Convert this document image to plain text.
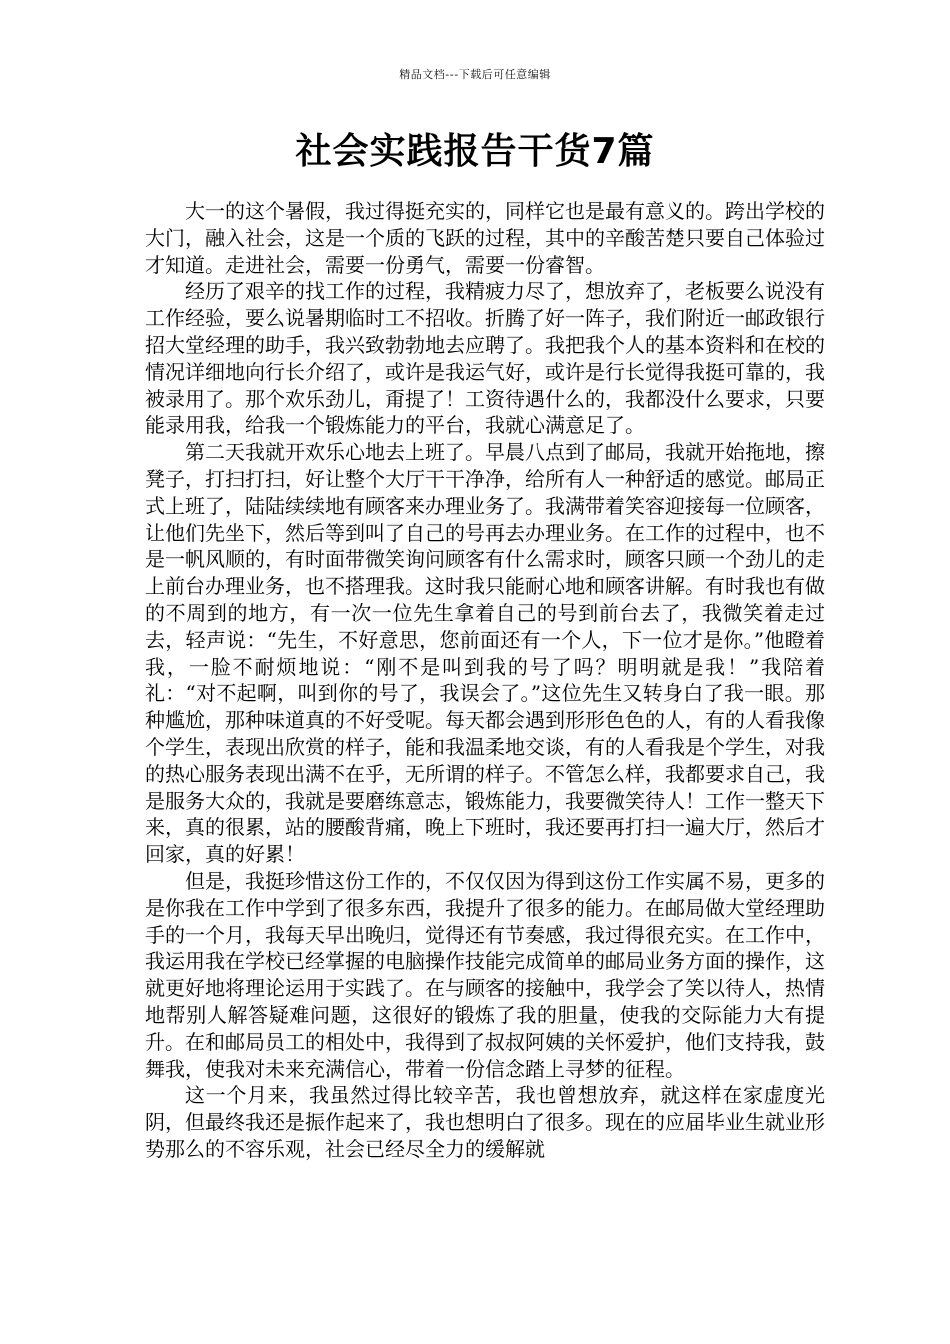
精品文档---下载后可任意编辑
社会实践报告干货7篇

大一的这个暑假，我过得挺充实的，同样它也是最有意义的。跨出学校的大门，融入社会，这是一个质的飞跃的过程，其中的辛酸苦楚只要自己体验过才知道。走进社会，需要一份勇气，需要一份睿智。

经历了艰辛的找工作的过程，我精疲力尽了，想放弃了，老板要么说没有工作经验，要么说暑期临时工不招收。折腾了好一阵子，我们附近一邮政银行招大堂经理的助手，我兴致勃勃地去应聘了。我把我个人的基本资料和在校的情况详细地向行长介绍了，或许是我运气好，或许是行长觉得我挺可靠的，我被录用了。那个欢乐劲儿，甭提了！工资待遇什么的，我都没什么要求，只要能录用我，给我一个锻炼能力的平台，我就心满意足了。

第二天我就开欢乐心地去上班了。早晨八点到了邮局，我就开始拖地，擦凳子，打扫打扫，好让整个大厅干干净净，给所有人一种舒适的感觉。邮局正式上班了，陆陆续续地有顾客来办理业务了。我满带着笑容迎接每一位顾客，让他们先坐下，然后等到叫了自己的号再去办理业务。在工作的过程中，也不是一帆风顺的，有时面带微笑询问顾客有什么需求时，顾客只顾一个劲儿的走上前台办理业务，也不搭理我。这时我只能耐心地和顾客讲解。有时我也有做的不周到的地方，有一次一位先生拿着自己的号到前台去了，我微笑着走过去，轻声说：“先生，不好意思，您前面还有一个人，下一位才是你。”他瞪着我，一脸不耐烦地说：“刚不是叫到我的号了吗？明明就是我！”我陪着礼：“对不起啊，叫到你的号了，我误会了。”这位先生又转身白了我一眼。那种尴尬，那种味道真的不好受呢。每天都会遇到形形色色的人，有的人看我像个学生，表现出欣赏的样子，能和我温柔地交谈，有的人看我是个学生，对我的热心服务表现出满不在乎，无所谓的样子。不管怎么样，我都要求自己，我是服务大众的，我就是要磨练意志，锻炼能力，我要微笑待人！工作一整天下来，真的很累，站的腰酸背痛，晚上下班时，我还要再打扫一遍大厅，然后才回家，真的好累！

但是，我挺珍惜这份工作的，不仅仅因为得到这份工作实属不易，更多的是你我在工作中学到了很多东西，我提升了很多的能力。在邮局做大堂经理助手的一个月，我每天早出晚归，觉得还有节奏感，我过得很充实。在工作中，我运用我在学校已经掌握的电脑操作技能完成简单的邮局业务方面的操作，这就更好地将理论运用于实践了。在与顾客的接触中，我学会了笑以待人，热情地帮别人解答疑难问题，这很好的锻炼了我的胆量，使我的交际能力大有提升。在和邮局员工的相处中，我得到了叔叔阿姨的关怀爱护，他们支持我，鼓舞我，使我对未来充满信心，带着一份信念踏上寻梦的征程。

这一个月来，我虽然过得比较辛苦，我也曾想放弃，就这样在家虚度光阴，但最终我还是振作起来了，我也想明白了很多。现在的应届毕业生就业形势那么的不容乐观，社会已经尽全力的缓解就
